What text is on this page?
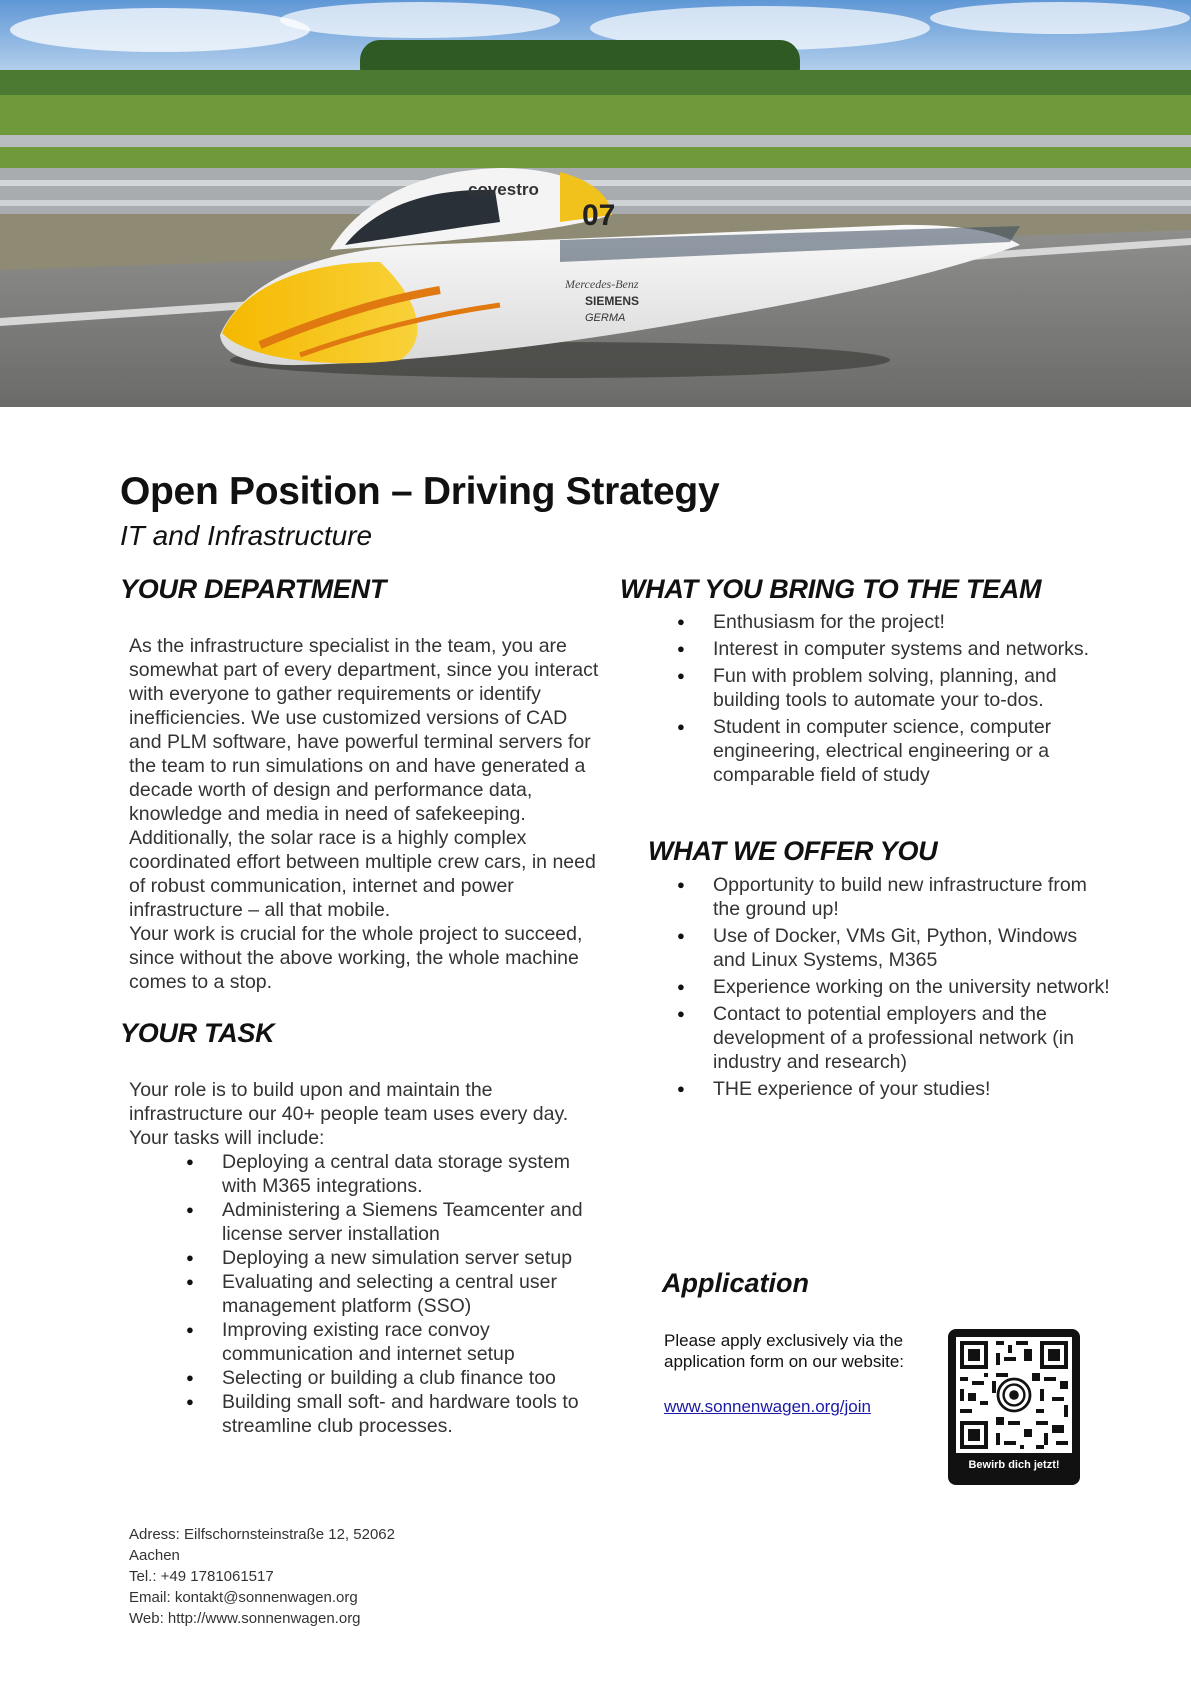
07
covestro
Mercedes-Benz
SIEMENS
GERMA
Open Position – Driving Strategy
IT and Infrastructure
YOUR DEPARTMENT

As the infrastructure specialist in the team, you are somewhat part of every department, since you interact with everyone to gather requirements or identify inefficiencies. We use customized versions of CAD and PLM software, have powerful terminal servers for the team to run simulations on and have generated a decade worth of design and performance data, knowledge and media in need of safekeeping. Additionally, the solar race is a highly complex coordinated effort between multiple crew cars, in need of robust communication, internet and power infrastructure – all that mobile.

Your work is crucial for the whole project to succeed, since without the above working, the whole machine comes to a stop.

YOUR TASK

Your role is to build upon and maintain the infrastructure our 40+ people team uses every day. Your tasks will include:

● Deploying a central data storage system with M365 integrations.
● Administering a Siemens Teamcenter and license server installation
● Deploying a new simulation server setup
● Evaluating and selecting a central user management platform (SSO)
● Improving existing race convoy communication and internet setup
● Selecting or building a club finance too
● Building small soft- and hardware tools to streamline club processes.
WHAT YOU BRING TO THE TEAM
● Enthusiasm for the project!
● Interest in computer systems and networks.
● Fun with problem solving, planning, and building tools to automate your to-dos.
● Student in computer science, computer engineering, electrical engineering or a comparable field of study
WHAT WE OFFER YOU
● Opportunity to build new infrastructure from the ground up!
● Use of Docker, VMs Git, Python, Windows and Linux Systems, M365
● Experience working on the university network!
● Contact to potential employers and the development of a professional network (in industry and research)
● THE experience of your studies!
Application
Please apply exclusively via the application form on our website:
www.sonnenwagen.org/join
Bewirb dich jetzt!
Adress: Eilfschornsteinstraße 12, 52062 Aachen
Tel.: +49 1781061517
Email: kontakt@sonnenwagen.org
Web: http://www.sonnenwagen.org
